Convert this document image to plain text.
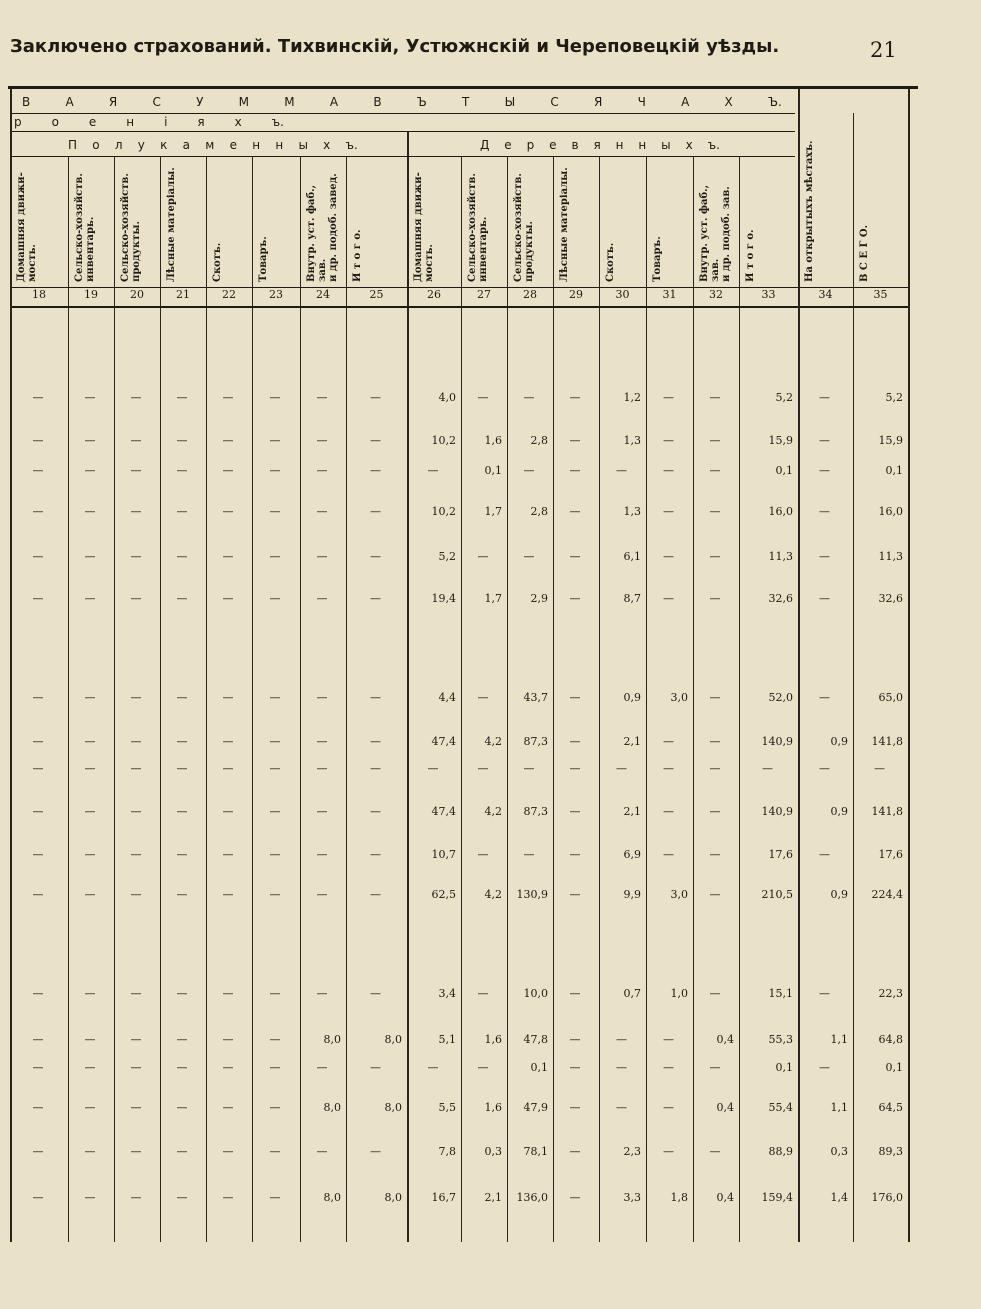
Заключено страхований. Тихвинскій, Устюжнскій и Череповецкій уѣзды.	21
В	А	Я	С	У	М	М	А	В	Ъ	Т	Ы	С	Я	Ч	А	Х	Ъ.
р о е н і я х ъ.
П о л у к а м е н н ы х ъ.	Д е р е в я н н ы х ъ.
Домашняя движи-
мость.
18
Сельско-хозяйств.
инвентарь.
19
Сельско-хозяйств.
продукты.
20
Лѣсные матеріалы.
21
Скотъ.
22
Товаръ.
23
Внутр. уст. фаб., зав.
и др. подоб. завед.
24
И т о г о.
25
Домашняя движи-
мость.
26
Сельско-хозяйств.
инвентарь.
27
Сельско-хозяйств.
продукты.
28
Лѣсные матеріалы.
29
Скотъ.
30
Товаръ.
31
Внутр. уст. фаб., зав.
и др. подоб. зав.
32
И т о г о.
33
На открытыхъ мѣстахъ.
34
В С Е Г О.
35
—	—	—	—	—	—	—	—	4,0	—	—	—	1,2	—	—	5,2	—	5,2
—	—	—	—	—	—	—	—	10,2	1,6	2,8	—	1,3	—	—	15,9	—	15,9
—	—	—	—	—	—	—	—	—	0,1	—	—	—	—	—	0,1	—	0,1
—	—	—	—	—	—	—	—	10,2	1,7	2,8	—	1,3	—	—	16,0	—	16,0
—	—	—	—	—	—	—	—	5,2	—	—	—	6,1	—	—	11,3	—	11,3
—	—	—	—	—	—	—	—	19,4	1,7	2,9	—	8,7	—	—	32,6	—	32,6
—	—	—	—	—	—	—	—	4,4	—	43,7	—	0,9	3,0	—	52,0	—	65,0
—	—	—	—	—	—	—	—	47,4	4,2	87,3	—	2,1	—	—	140,9	0,9	141,8
—	—	—	—	—	—	—	—	—	—	—	—	—	—	—	—	—	—
—	—	—	—	—	—	—	—	47,4	4,2	87,3	—	2,1	—	—	140,9	0,9	141,8
—	—	—	—	—	—	—	—	10,7	—	—	—	6,9	—	—	17,6	—	17,6
—	—	—	—	—	—	—	—	62,5	4,2	130,9	—	9,9	3,0	—	210,5	0,9	224,4
—	—	—	—	—	—	—	—	3,4	—	10,0	—	0,7	1,0	—	15,1	—	22,3
—	—	—	—	—	—	8,0	8,0	5,1	1,6	47,8	—	—	—	0,4	55,3	1,1	64,8
—	—	—	—	—	—	—	—	—	—	0,1	—	—	—	—	0,1	—	0,1
—	—	—	—	—	—	8,0	8,0	5,5	1,6	47,9	—	—	—	0,4	55,4	1,1	64,5
—	—	—	—	—	—	—	—	7,8	0,3	78,1	—	2,3	—	—	88,9	0,3	89,3
—	—	—	—	—	—	8,0	8,0	16,7	2,1	136,0	—	3,3	1,8	0,4	159,4	1,4	176,0
